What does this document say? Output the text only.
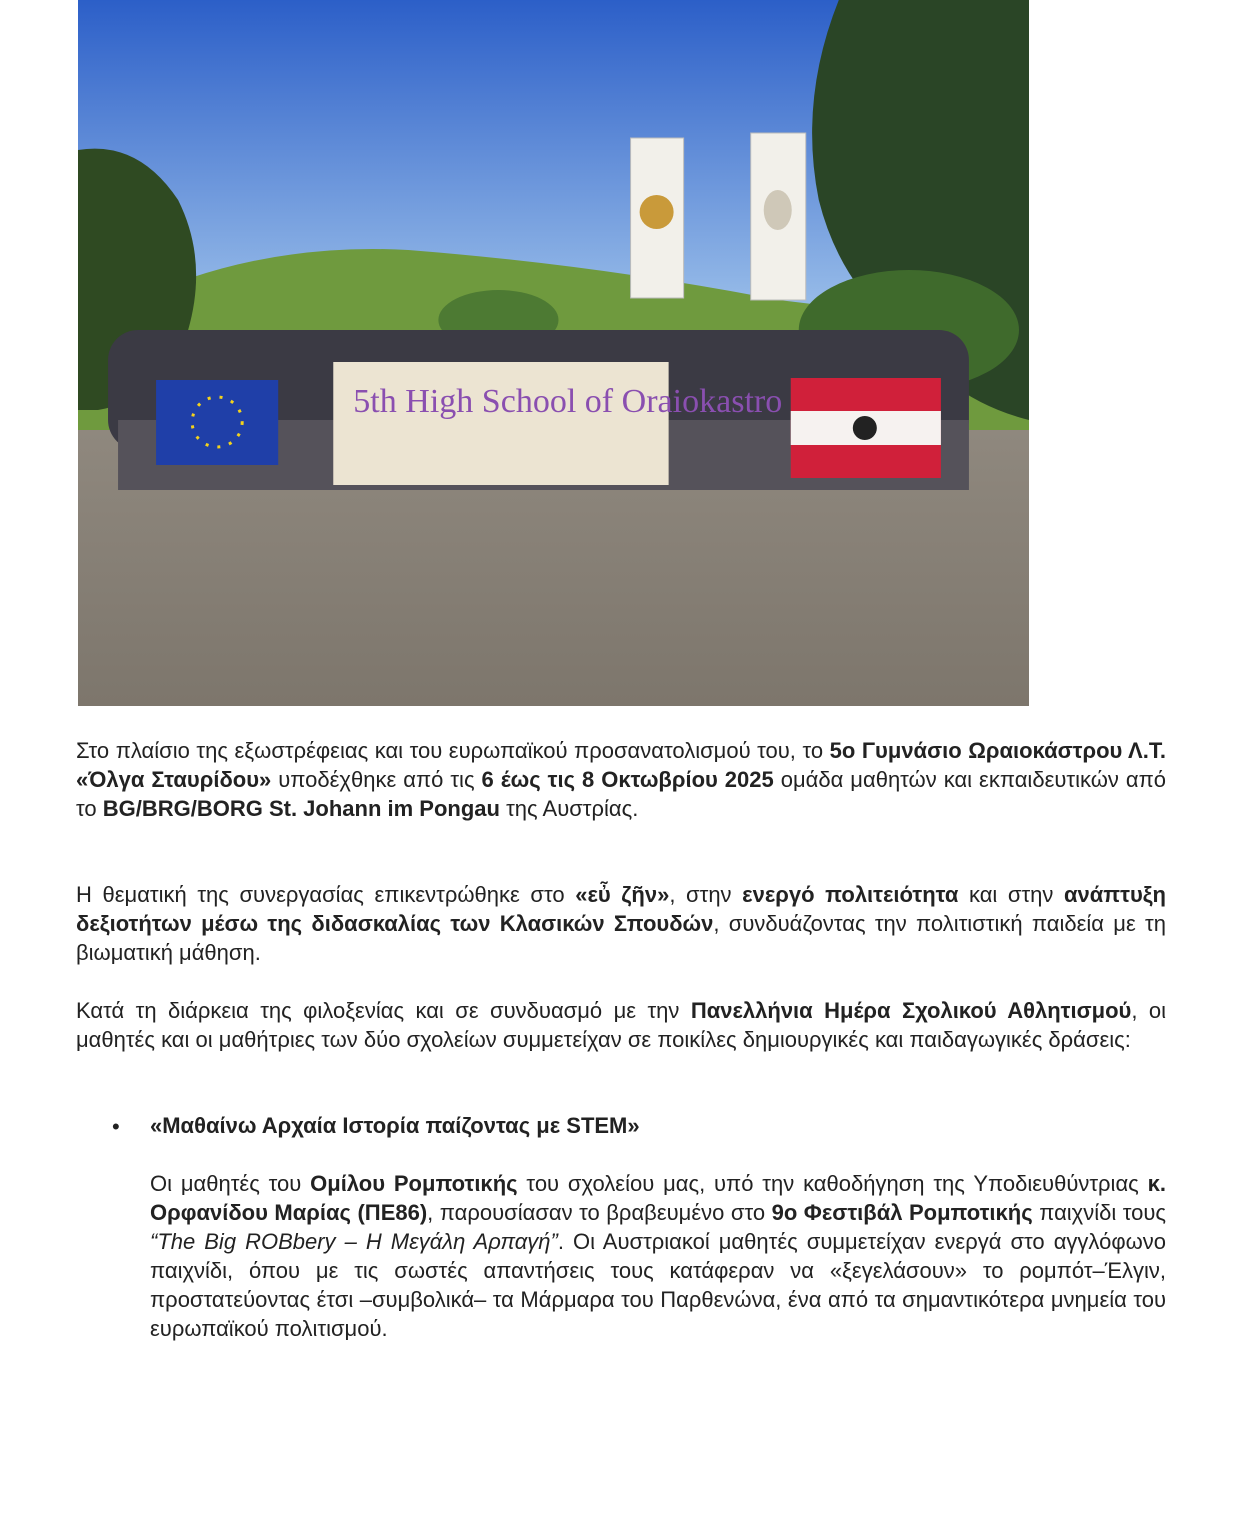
5th High School of Oraiokastro
Στο πλαίσιο της εξωστρέφειας και του ευρωπαϊκού προσανατολισμού του, το 5ο Γυμνάσιο Ωραιοκάστρου Λ.Τ. «Όλγα Σταυρίδου» υποδέχθηκε από τις 6 έως τις 8 Οκτωβρίου 2025 ομάδα μαθητών και εκπαιδευτικών από το BG/BRG/BORG St. Johann im Pongau της Αυστρίας.
Η θεματική της συνεργασίας επικεντρώθηκε στο «εὖ ζῆν», στην ενεργό πολιτειότητα και στην ανάπτυξη δεξιοτήτων μέσω της διδασκαλίας των Κλασικών Σπουδών, συνδυάζοντας την πολιτιστική παιδεία με τη βιωματική μάθηση.
Κατά τη διάρκεια της φιλοξενίας και σε συνδυασμό με την Πανελλήνια Ημέρα Σχολικού Αθλητισμού, οι μαθητές και οι μαθήτριες των δύο σχολείων συμμετείχαν σε ποικίλες δημιουργικές και παιδαγωγικές δράσεις:
• «Μαθαίνω Αρχαία Ιστορία παίζοντας με STEM»
Οι μαθητές του Ομίλου Ρομποτικής του σχολείου μας, υπό την καθοδήγηση της Υποδιευθύντριας κ. Ορφανίδου Μαρίας (ΠΕ86), παρουσίασαν το βραβευμένο στο 9ο Φεστιβάλ Ρομποτικής παιχνίδι τους “The Big ROBbery – Η Μεγάλη Αρπαγή”. Οι Αυστριακοί μαθητές συμμετείχαν ενεργά στο αγγλόφωνο παιχνίδι, όπου με τις σωστές απαντήσεις τους κατάφεραν να «ξεγελάσουν» το ρομπότ–Έλγιν, προστατεύοντας έτσι –συμβολικά– τα Μάρμαρα του Παρθενώνα, ένα από τα σημαντικότερα μνημεία του ευρωπαϊκού πολιτισμού.
